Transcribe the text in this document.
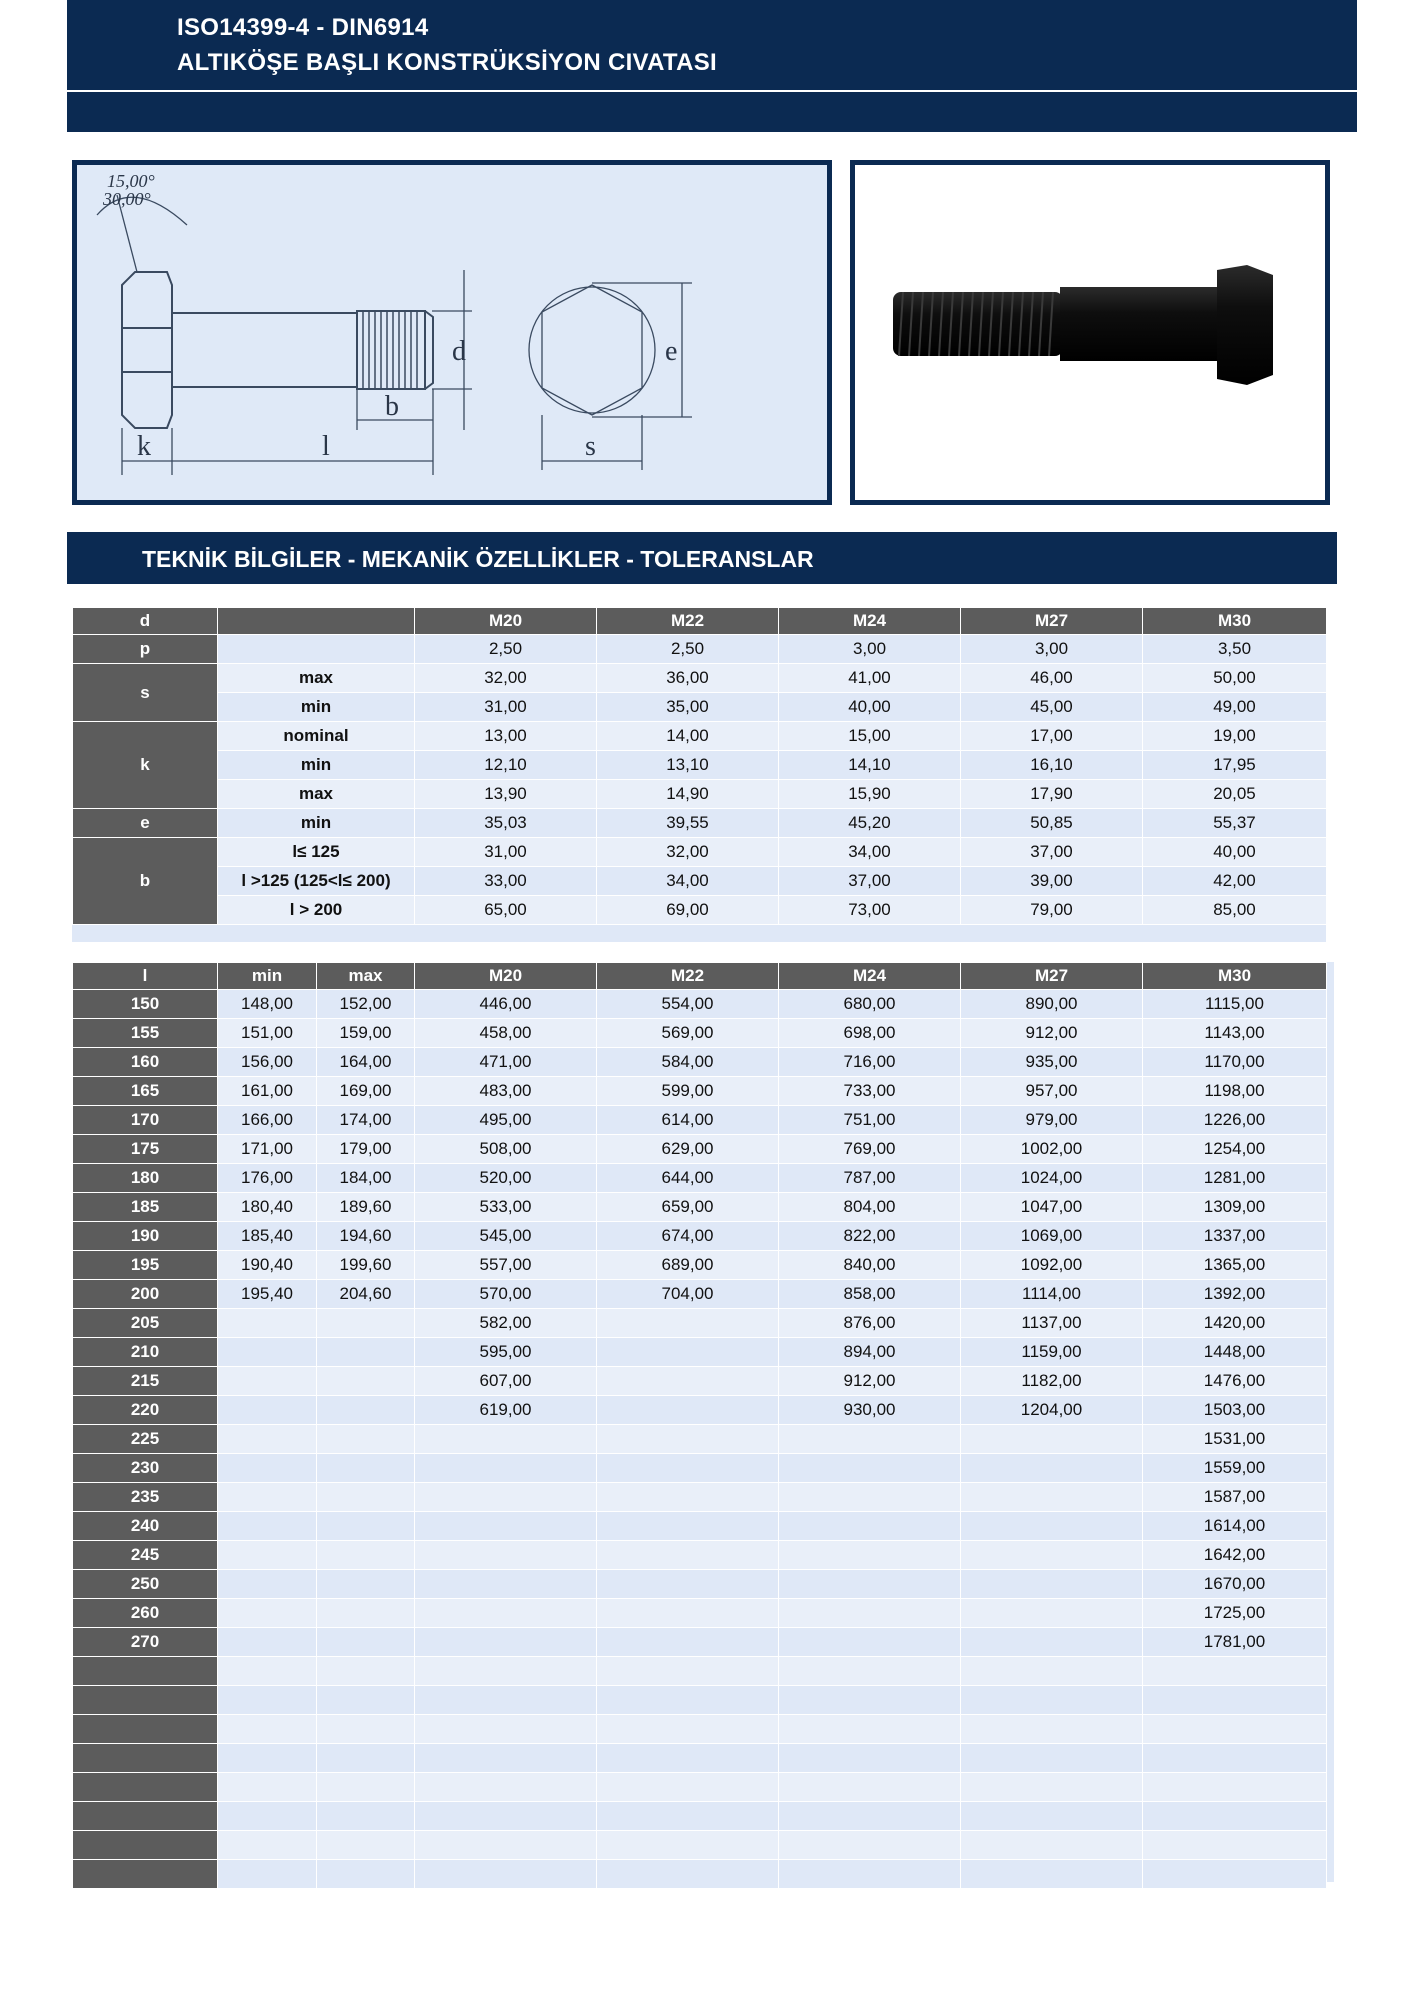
ISO14399-4 - DIN6914
ALTIKÖŞE BAŞLI KONSTRÜKSİYON CIVATASI
15,00°
30,00°
k	l
b
d
s
e
TEKNİK BİLGİLER - MEKANİK ÖZELLİKLER - TOLERANSLAR
d		M20	M22	M24	M27	M30
p		2,50	2,50	3,00	3,00	3,50
s	max	32,00	36,00	41,00	46,00	50,00
	min	31,00	35,00	40,00	45,00	49,00
k	nominal	13,00	14,00	15,00	17,00	19,00
	min	12,10	13,10	14,10	16,10	17,95
	max	13,90	14,90	15,90	17,90	20,05
e	min	35,03	39,55	45,20	50,85	55,37
b	l≤ 125	31,00	32,00	34,00	37,00	40,00
	l >125 (125<l≤ 200)	33,00	34,00	37,00	39,00	42,00
	l > 200	65,00	69,00	73,00	79,00	85,00
l	min	max	M20	M22	M24	M27	M30
150	148,00	152,00	446,00	554,00	680,00	890,00	1115,00
155	151,00	159,00	458,00	569,00	698,00	912,00	1143,00
160	156,00	164,00	471,00	584,00	716,00	935,00	1170,00
165	161,00	169,00	483,00	599,00	733,00	957,00	1198,00
170	166,00	174,00	495,00	614,00	751,00	979,00	1226,00
175	171,00	179,00	508,00	629,00	769,00	1002,00	1254,00
180	176,00	184,00	520,00	644,00	787,00	1024,00	1281,00
185	180,40	189,60	533,00	659,00	804,00	1047,00	1309,00
190	185,40	194,60	545,00	674,00	822,00	1069,00	1337,00
195	190,40	199,60	557,00	689,00	840,00	1092,00	1365,00
200	195,40	204,60	570,00	704,00	858,00	1114,00	1392,00
205			582,00		876,00	1137,00	1420,00
210			595,00		894,00	1159,00	1448,00
215			607,00		912,00	1182,00	1476,00
220			619,00		930,00	1204,00	1503,00
225							1531,00
230							1559,00
235							1587,00
240							1614,00
245							1642,00
250							1670,00
260							1725,00
270							1781,00
